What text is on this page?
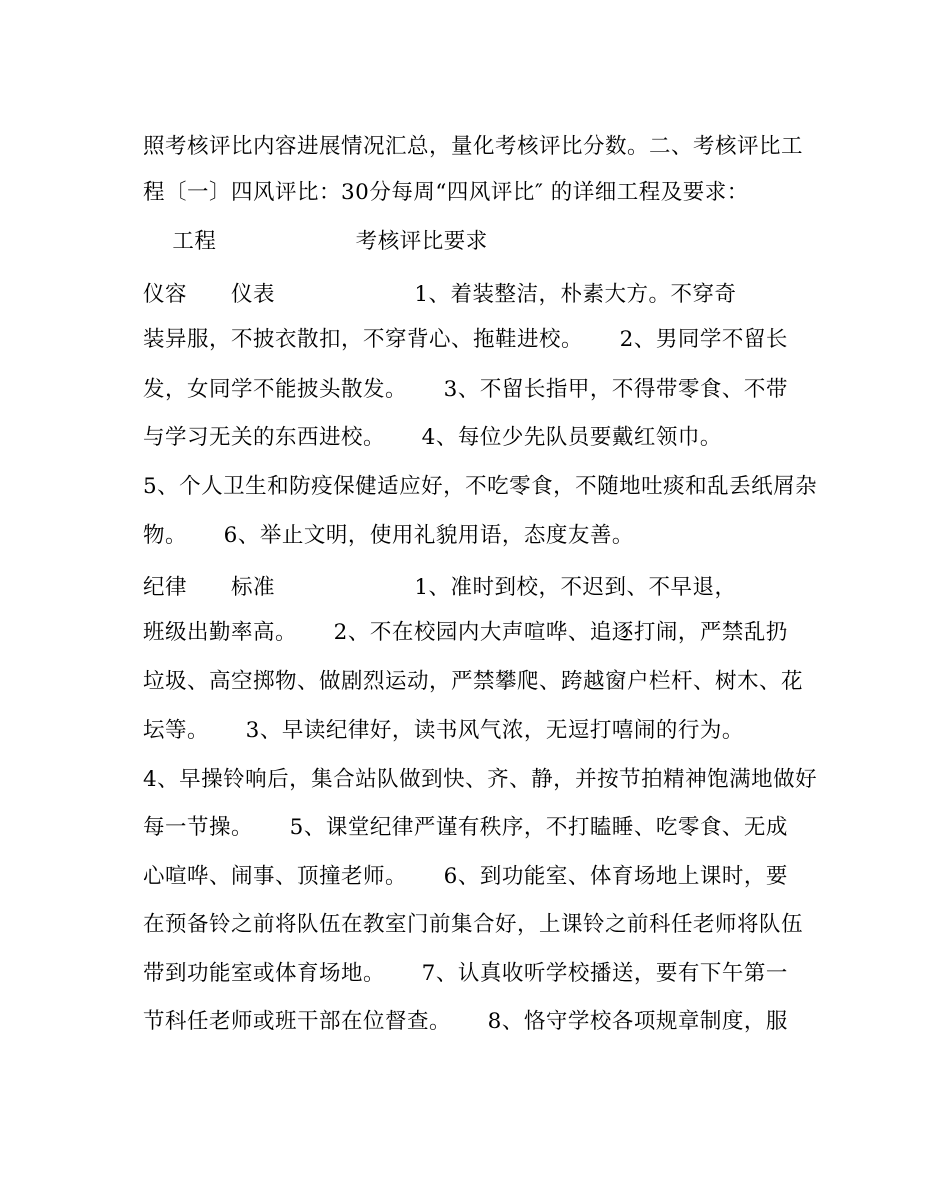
照考核评比内容进展情况汇总，量化考核评比分数。二、考核评比工
程〔一〕四风评比：30分每周“四风评比″ 的详细工程及要求：
工程                   考核评比要求
仪容      仪表                   1、着装整洁，朴素大方。不穿奇
装异服，不披衣散扣，不穿背心、拖鞋进校。     2、男同学不留长
发，女同学不能披头散发。     3、不留长指甲，不得带零食、不带
与学习无关的东西进校。     4、每位少先队员要戴红领巾。
5、个人卫生和防疫保健适应好，不吃零食，不随地吐痰和乱丢纸屑杂
物。     6、举止文明，使用礼貌用语，态度友善。
纪律      标准                   1、准时到校，不迟到、不早退，
班级出勤率高。     2、不在校园内大声喧哗、追逐打闹，严禁乱扔
垃圾、高空掷物、做剧烈运动，严禁攀爬、跨越窗户栏杆、树木、花
坛等。     3、早读纪律好，读书风气浓，无逗打嘻闹的行为。
4、早操铃响后，集合站队做到快、齐、静，并按节拍精神饱满地做好
每一节操。     5、课堂纪律严谨有秩序，不打瞌睡、吃零食、无成
心喧哗、闹事、顶撞老师。     6、到功能室、体育场地上课时，要
在预备铃之前将队伍在教室门前集合好，上课铃之前科任老师将队伍
带到功能室或体育场地。     7、认真收听学校播送，要有下午第一
节科任老师或班干部在位督查。     8、恪守学校各项规章制度，服
